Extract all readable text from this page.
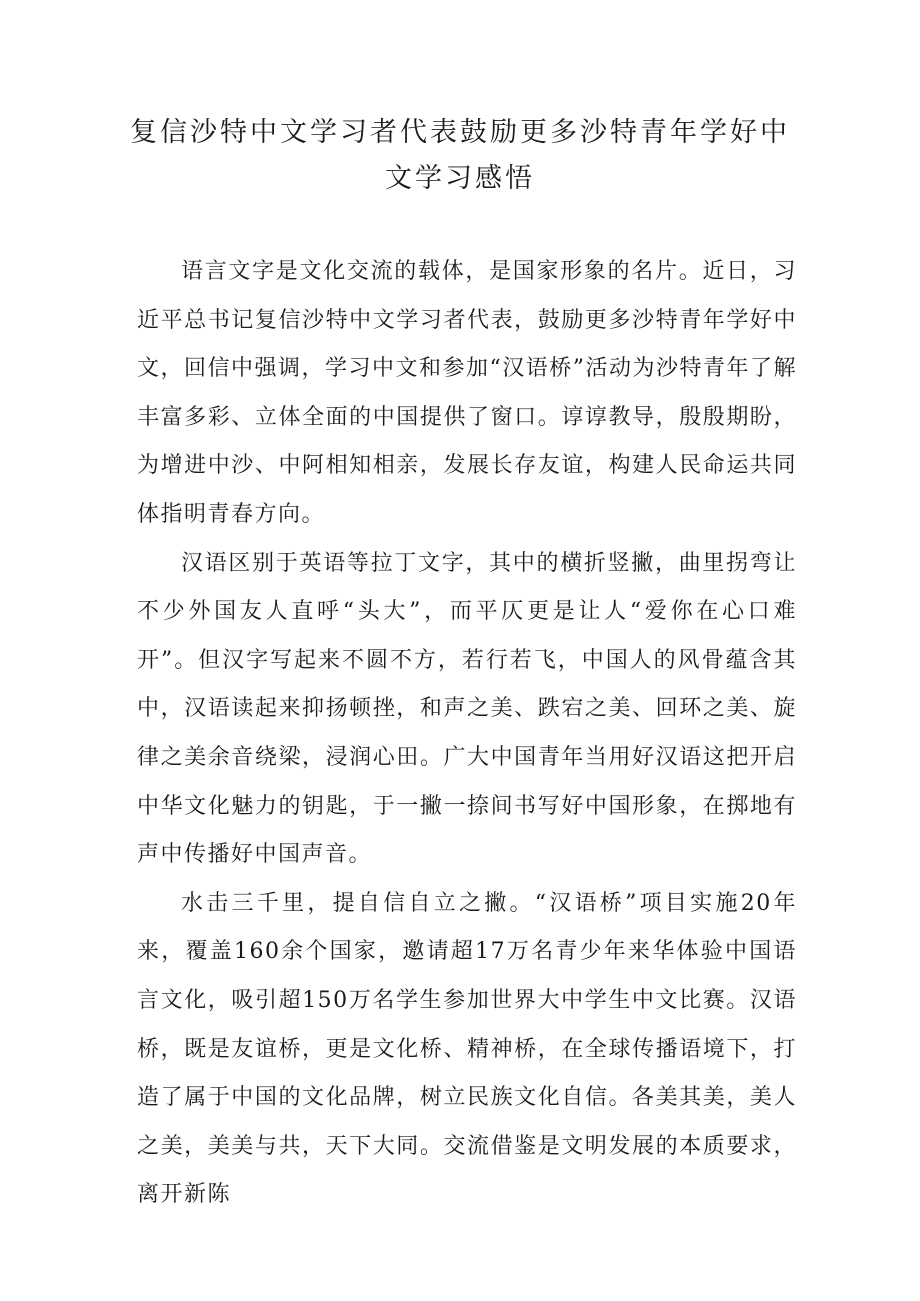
复信沙特中文学习者代表鼓励更多沙特青年学好中文学习感悟

语言文字是文化交流的载体，是国家形象的名片。近日，习近平总书记复信沙特中文学习者代表，鼓励更多沙特青年学好中文，回信中强调，学习中文和参加“汉语桥”活动为沙特青年了解丰富多彩、立体全面的中国提供了窗口。谆谆教导，殷殷期盼，为增进中沙、中阿相知相亲，发展长存友谊，构建人民命运共同体指明青春方向。

汉语区别于英语等拉丁文字，其中的横折竖撇，曲里拐弯让不少外国友人直呼“头大”，而平仄更是让人“爱你在心口难开”。但汉字写起来不圆不方，若行若飞，中国人的风骨蕴含其中，汉语读起来抑扬顿挫，和声之美、跌宕之美、回环之美、旋律之美余音绕梁，浸润心田。广大中国青年当用好汉语这把开启中华文化魅力的钥匙，于一撇一捺间书写好中国形象，在掷地有声中传播好中国声音。

水击三千里，提自信自立之撇。“汉语桥”项目实施20年来，覆盖160余个国家，邀请超17万名青少年来华体验中国语言文化，吸引超150万名学生参加世界大中学生中文比赛。汉语桥，既是友谊桥，更是文化桥、精神桥，在全球传播语境下，打造了属于中国的文化品牌，树立民族文化自信。各美其美，美人之美，美美与共，天下大同。交流借鉴是文明发展的本质要求，离开新陈
